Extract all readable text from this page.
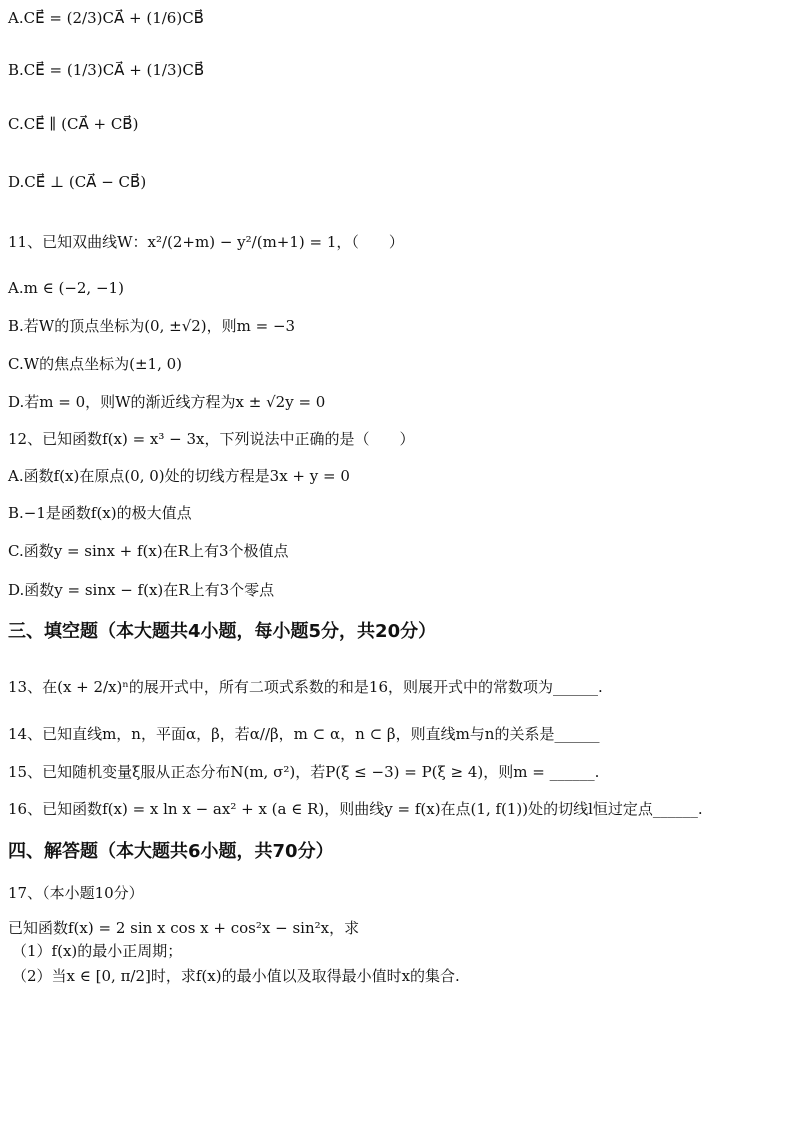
A.CE⃗ = (2/3)CA⃗ + (1/6)CB⃗
B.CE⃗ = (1/3)CA⃗ + (1/3)CB⃗
C.CE⃗ ∥ (CA⃗ + CB⃗)
D.CE⃗ ⊥ (CA⃗ − CB⃗)
11、已知双曲线W：x²/(2+m) − y²/(m+1) = 1，（　　）
A.m ∈ (−2, −1)
B.若W的顶点坐标为(0, ±√2)，则m = −3
C.W的焦点坐标为(±1, 0)
D.若m = 0，则W的渐近线方程为x ± √2y = 0
12、已知函数f(x) = x³ − 3x，下列说法中正确的是（　　）
A.函数f(x)在原点(0, 0)处的切线方程是3x + y = 0
B.−1是函数f(x)的极大值点
C.函数y = sinx + f(x)在R上有3个极值点
D.函数y = sinx − f(x)在R上有3个零点
三、填空题（本大题共4小题，每小题5分，共20分）
13、在(x + 2/x)ⁿ的展开式中，所有二项式系数的和是16，则展开式中的常数项为______.
14、已知直线m，n，平面α，β，若α//β，m ⊂ α，n ⊂ β，则直线m与n的关系是______
15、已知随机变量ξ服从正态分布N(m, σ²)，若P(ξ ≤ −3) = P(ξ ≥ 4)，则m = ______.
16、已知函数f(x) = x ln x − ax² + x (a ∈ R)，则曲线y = f(x)在点(1, f(1))处的切线l恒过定点______.
四、解答题（本大题共6小题，共70分）
17、（本小题10分）
已知函数f(x) = 2 sin x cos x + cos²x − sin²x，求
（1）f(x)的最小正周期；
（2）当x ∈ [0, π/2]时，求f(x)的最小值以及取得最小值时x的集合.
